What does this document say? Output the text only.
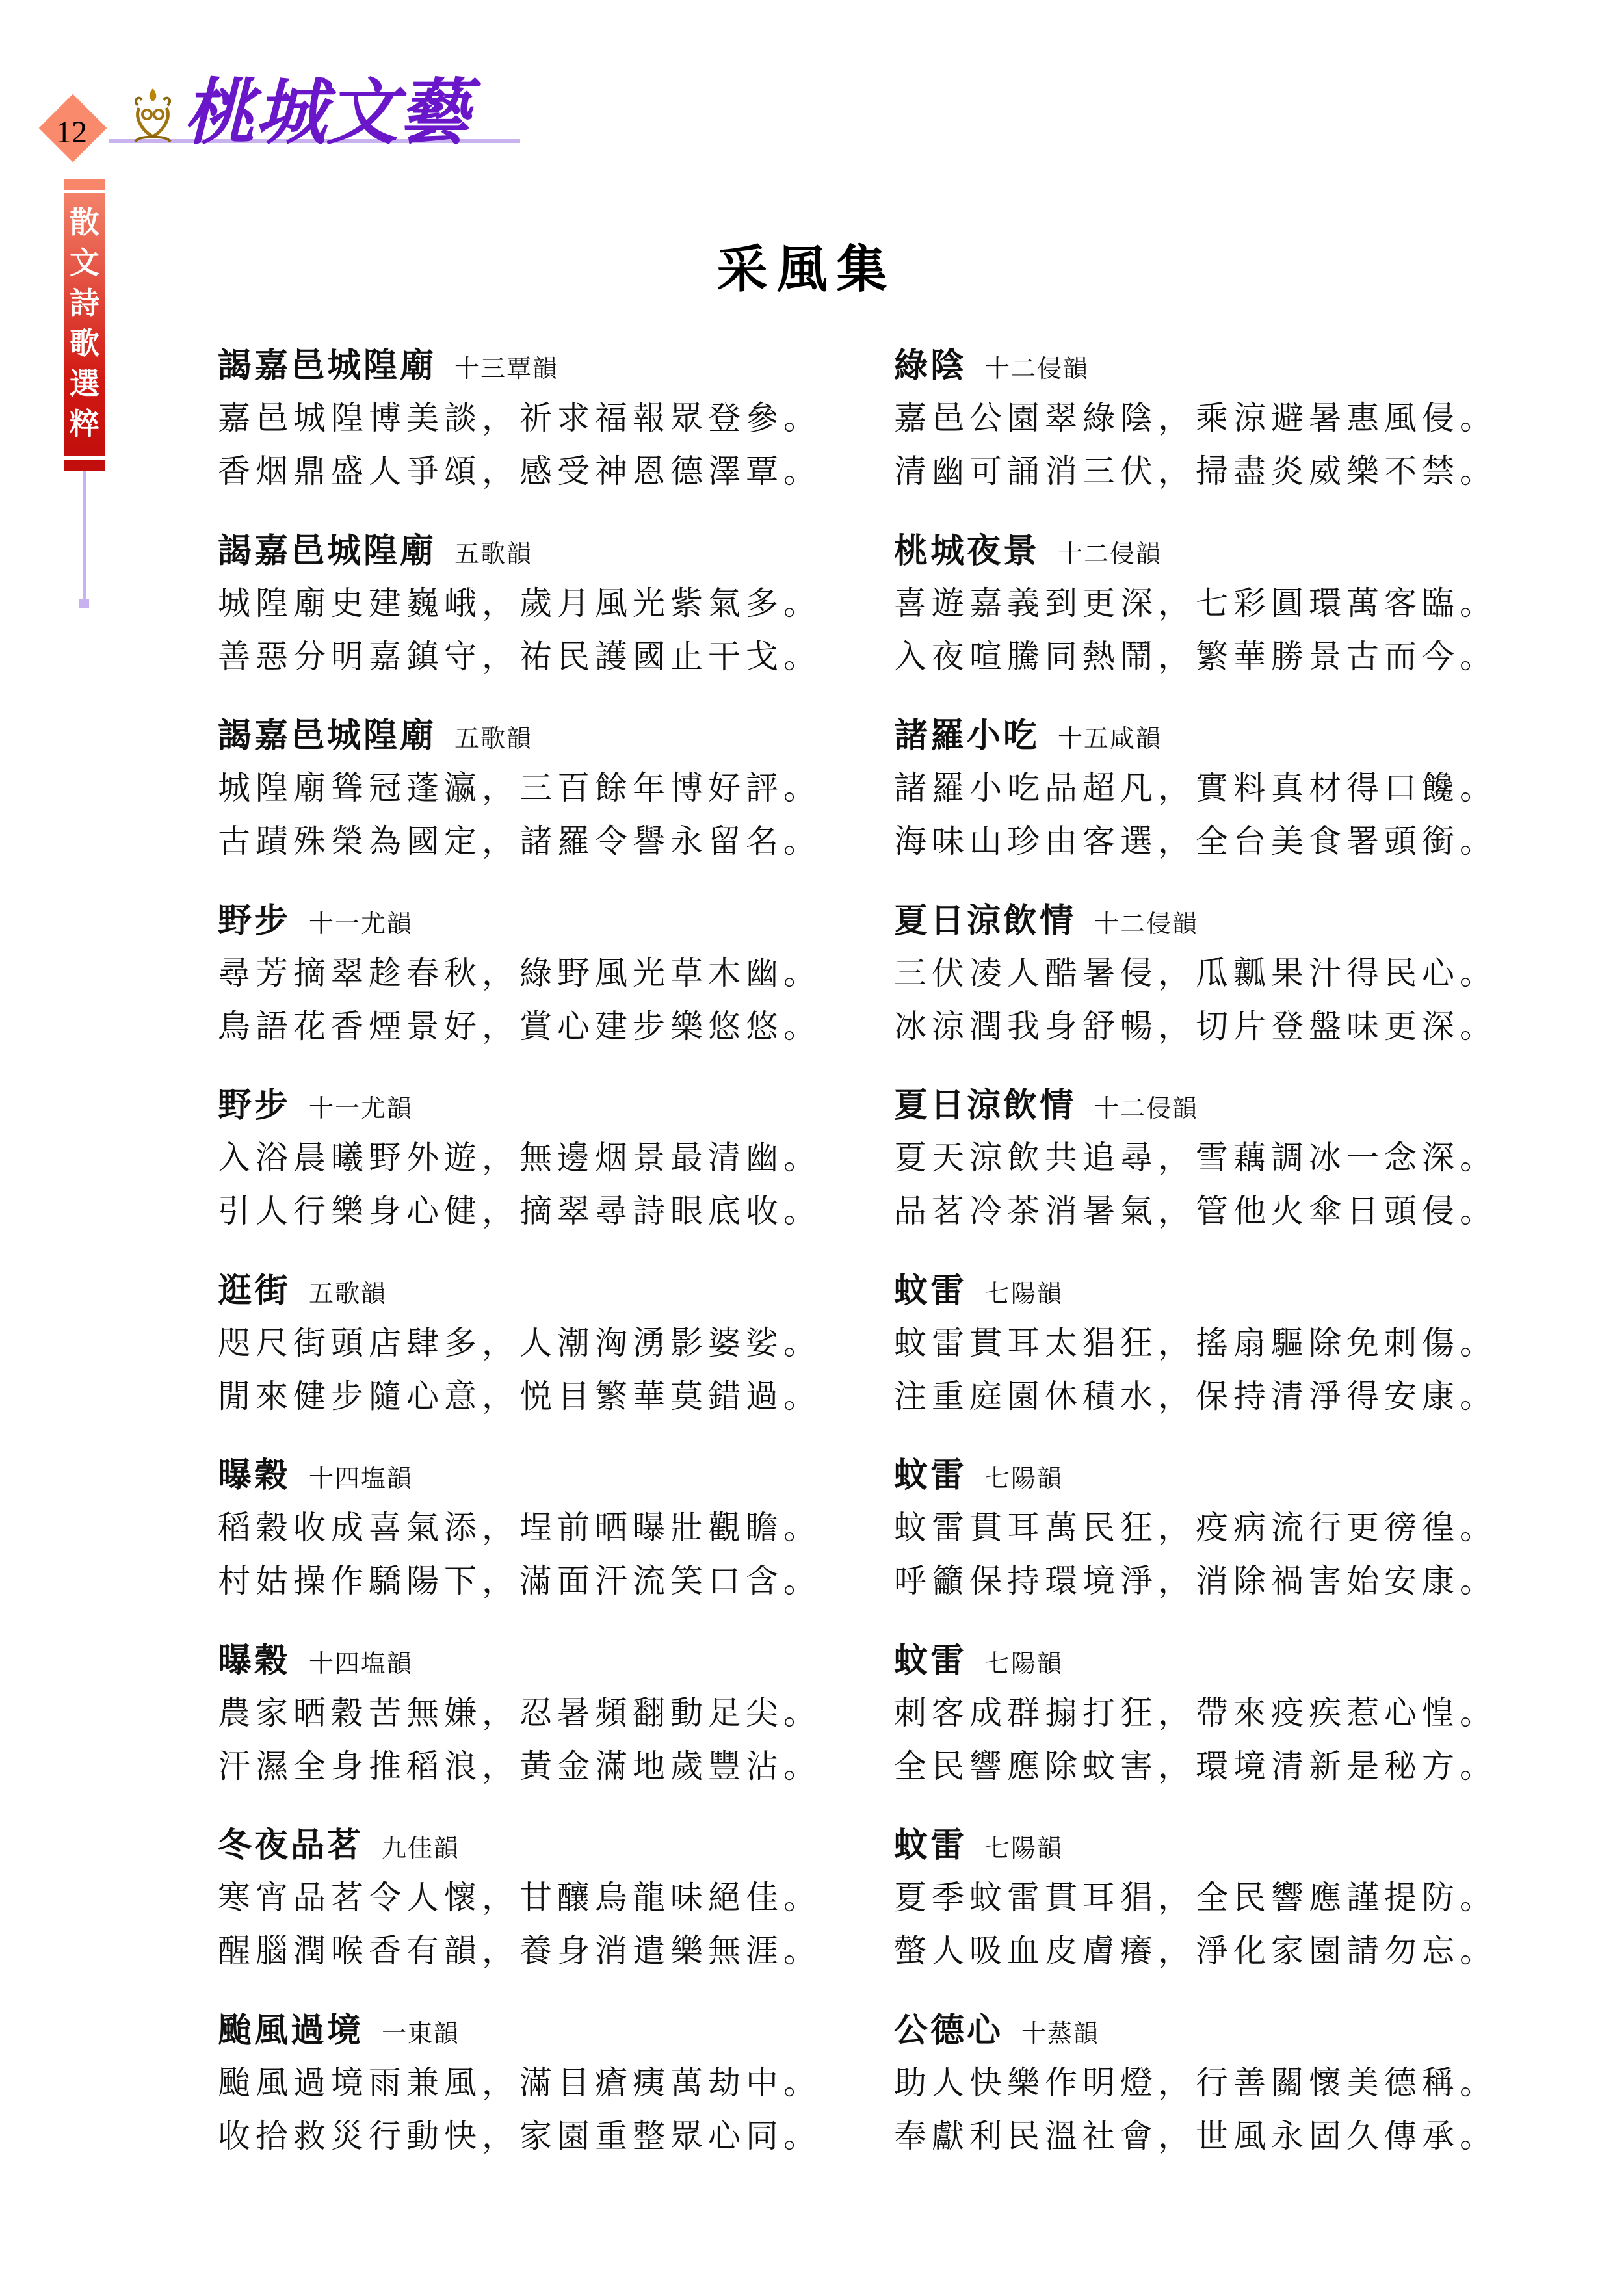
12 桃城文藝
散
文
詩
歌
選
粹
采風集
謁嘉邑城隍廟 十三覃韻
嘉邑城隍博美談，祈求福報眾登參。
香烟鼎盛人爭頌，感受神恩德澤覃。
謁嘉邑城隍廟 五歌韻
城隍廟史建巍峨，歲月風光紫氣多。
善惡分明嘉鎮守，祐民護國止干戈。
謁嘉邑城隍廟 五歌韻
城隍廟聳冠蓬瀛，三百餘年博好評。
古蹟殊榮為國定，諸羅令譽永留名。
野步 十一尤韻
尋芳摘翠趁春秋，綠野風光草木幽。
鳥語花香煙景好，賞心建步樂悠悠。
野步 十一尤韻
入浴晨曦野外遊，無邊烟景最清幽。
引人行樂身心健，摘翠尋詩眼底收。
逛街 五歌韻
咫尺街頭店肆多，人潮洶湧影婆娑。
閒來健步隨心意，悦目繁華莫錯過。
曝穀 十四塩韻
稻穀收成喜氣添，埕前晒曝壯觀瞻。
村姑操作驕陽下，滿面汗流笑口含。
曝穀 十四塩韻
農家晒穀苦無嫌，忍暑頻翻動足尖。
汗濕全身推稻浪，黃金滿地歲豐沾。
冬夜品茗 九佳韻
寒宵品茗令人懷，甘釀烏龍味絕佳。
醒腦潤喉香有韻，養身消遣樂無涯。
颱風過境 一東韻
颱風過境雨兼風，滿目瘡痍萬劫中。
收拾救災行動快，家園重整眾心同。
綠陰 十二侵韻
嘉邑公園翠綠陰，乘涼避暑惠風侵。
清幽可誦消三伏，掃盡炎威樂不禁。
桃城夜景 十二侵韻
喜遊嘉義到更深，七彩圓環萬客臨。
入夜喧騰同熱鬧，繁華勝景古而今。
諸羅小吃 十五咸韻
諸羅小吃品超凡，實料真材得口饞。
海味山珍由客選，全台美食署頭銜。
夏日涼飲情 十二侵韻
三伏凌人酷暑侵，瓜瓤果汁得民心。
冰涼潤我身舒暢，切片登盤味更深。
夏日涼飲情 十二侵韻
夏天涼飲共追尋，雪藕調冰一念深。
品茗冷茶消暑氣，管他火傘日頭侵。
蚊雷 七陽韻
蚊雷貫耳太猖狂，搖扇驅除免刺傷。
注重庭園休積水，保持清淨得安康。
蚊雷 七陽韻
蚊雷貫耳萬民狂，疫病流行更徬徨。
呼籲保持環境淨，消除禍害始安康。
蚊雷 七陽韻
刺客成群搧打狂，帶來疫疾惹心惶。
全民響應除蚊害，環境清新是秘方。
蚊雷 七陽韻
夏季蚊雷貫耳猖，全民響應謹提防。
螫人吸血皮膚癢，淨化家園請勿忘。
公德心 十蒸韻
助人快樂作明燈，行善關懷美德稱。
奉獻利民溫社會，世風永固久傳承。
